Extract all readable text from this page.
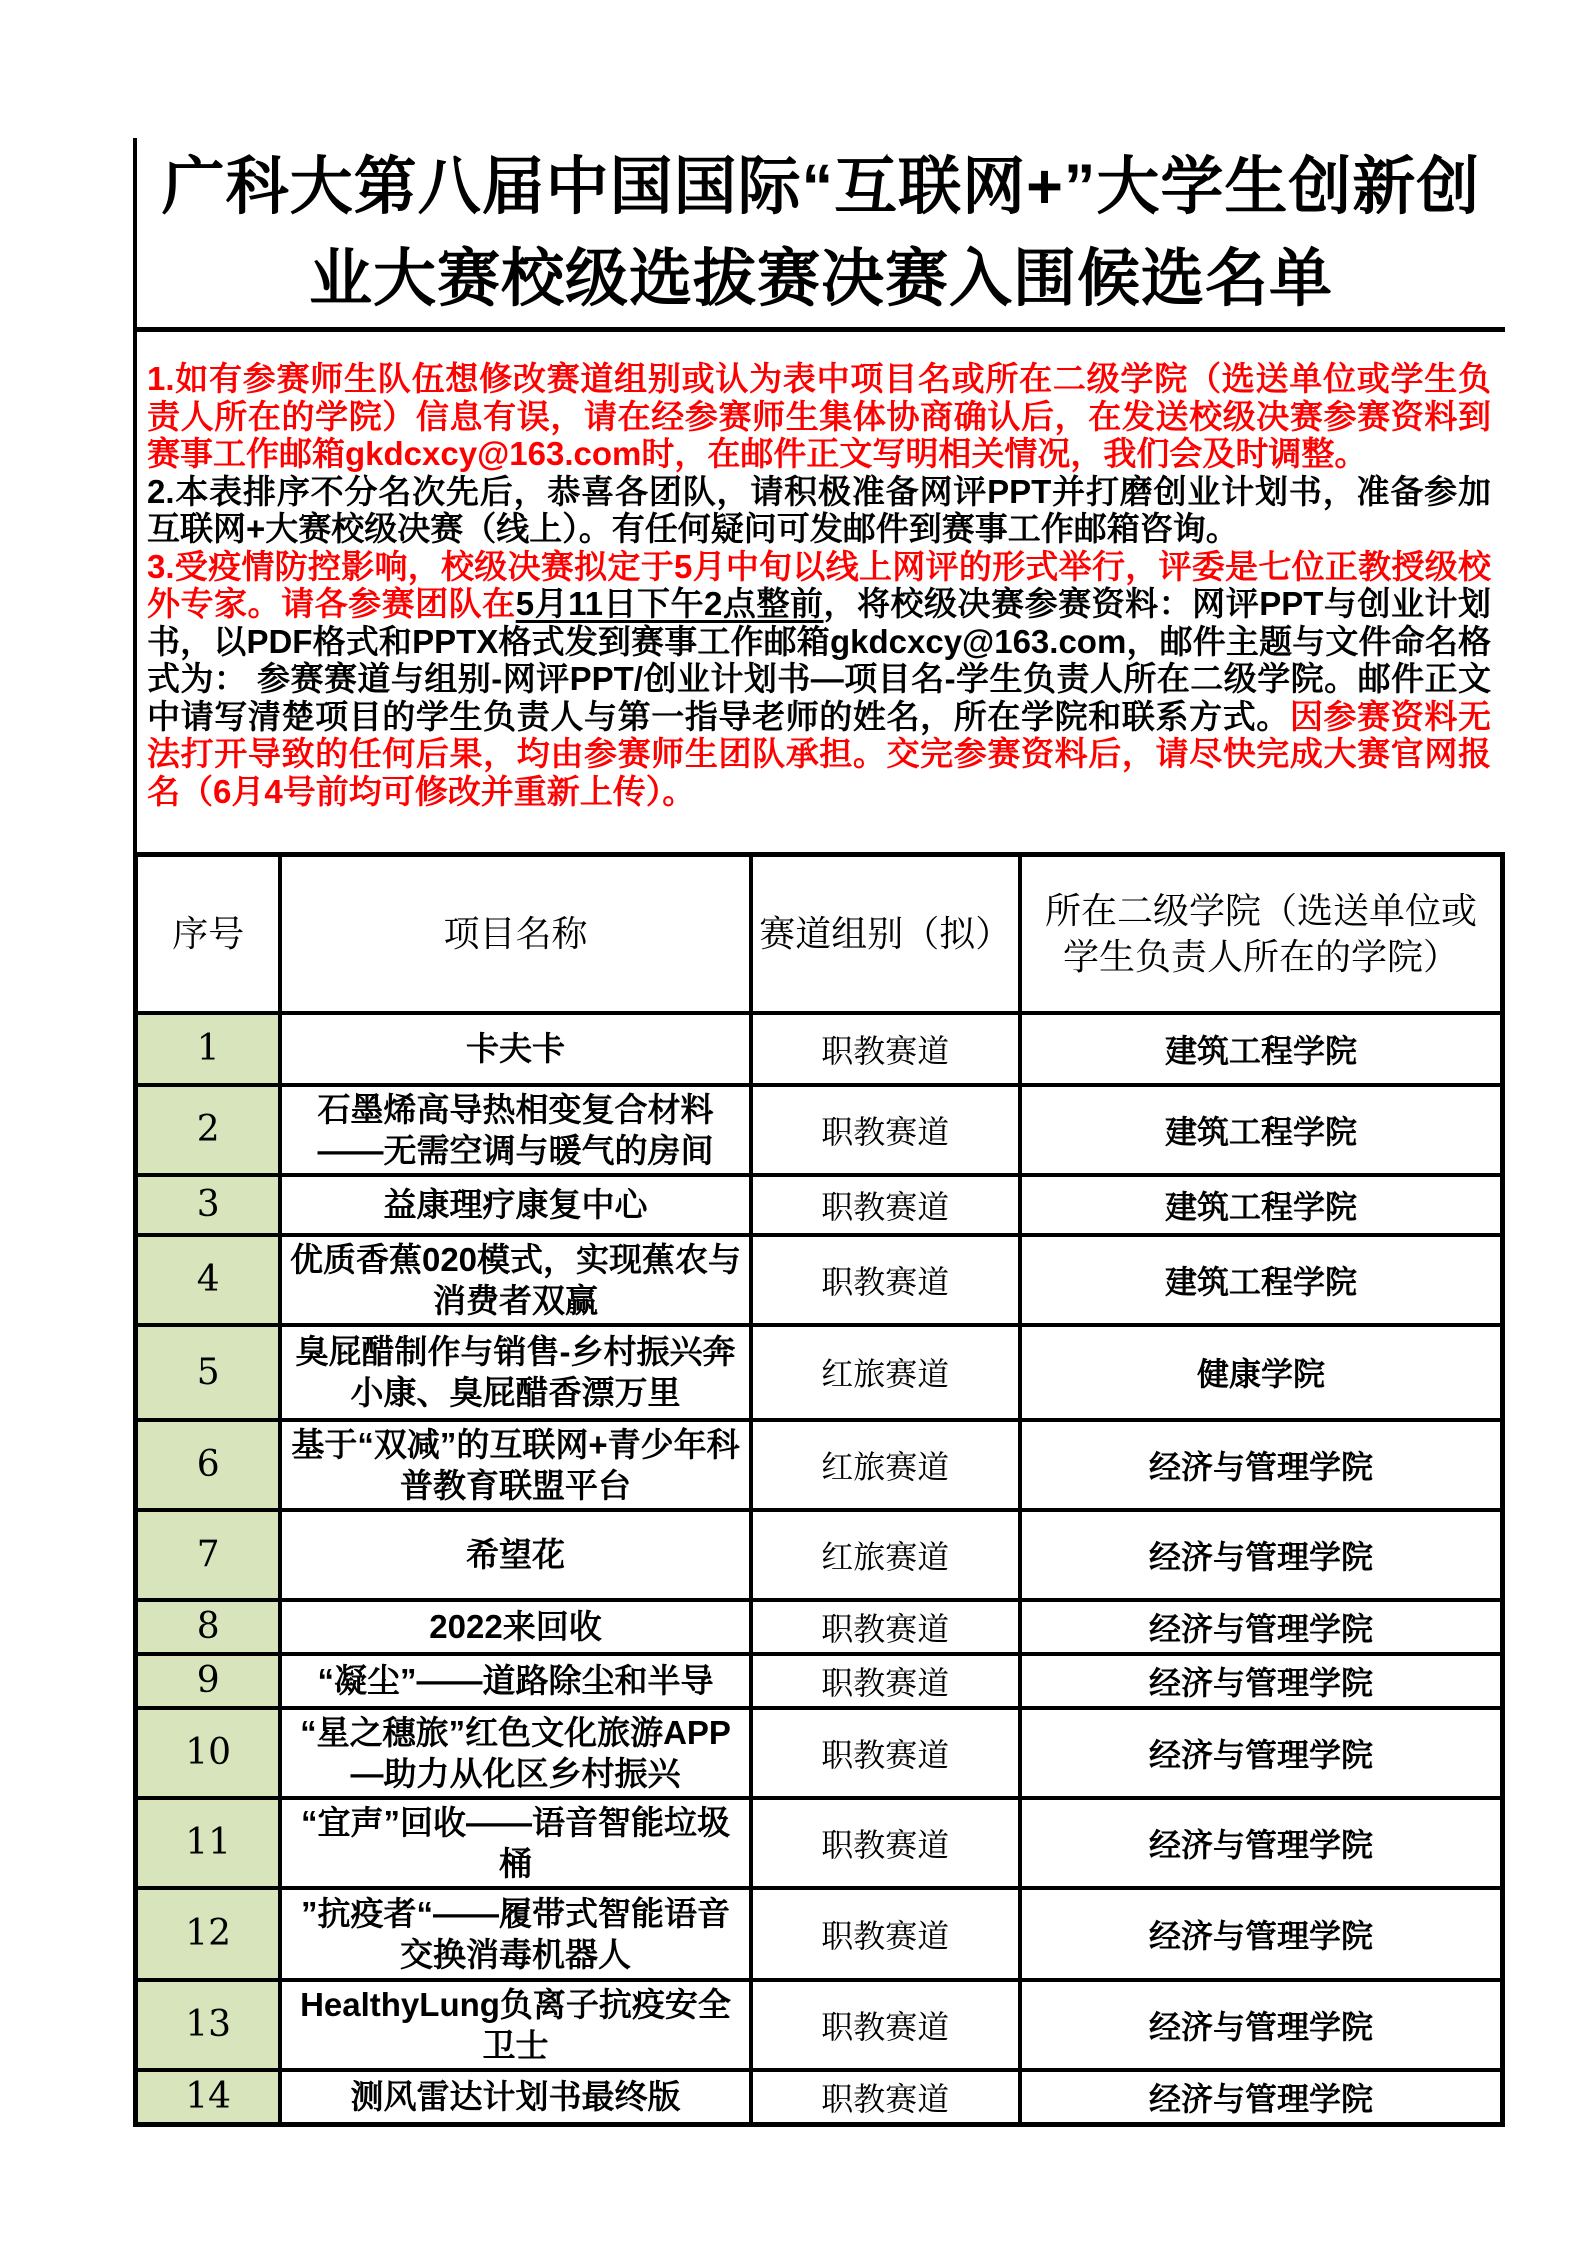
广科大第八届中国国际“互联网+”大学生创新创业大赛校级选拔赛决赛入围候选名单

1.如有参赛师生队伍想修改赛道组别或认为表中项目名或所在二级学院（选送单位或学生负责人所在的学院）信息有误，请在经参赛师生集体协商确认后，在发送校级决赛参赛资料到赛事工作邮箱gkdcxcy@163.com时，在邮件正文写明相关情况，我们会及时调整。

2.本表排序不分名次先后，恭喜各团队，请积极准备网评PPT并打磨创业计划书，准备参加互联网+大赛校级决赛（线上）。有任何疑问可发邮件到赛事工作邮箱咨询。

3.受疫情防控影响，校级决赛拟定于5月中旬以线上网评的形式举行，评委是七位正教授级校外专家。请各参赛团队在5月11日下午2点整前，将校级决赛参赛资料：网评PPT与创业计划书，以PDF格式和PPTX格式发到赛事工作邮箱gkdcxcy@163.com，邮件主题与文件命名格式为： 参赛赛道与组别-网评PPT/创业计划书—项目名-学生负责人所在二级学院。邮件正文中请写清楚项目的学生负责人与第一指导老师的姓名，所在学院和联系方式。因参赛资料无法打开导致的任何后果，均由参赛师生团队承担。交完参赛资料后，请尽快完成大赛官网报名（6月4号前均可修改并重新上传）。

序号	项目名称	赛道组别（拟）	所在二级学院（选送单位或学生负责人所在的学院）
1	卡夫卡	职教赛道	建筑工程学院
2	石墨烯高导热相变复合材料——无需空调与暖气的房间	职教赛道	建筑工程学院
3	益康理疗康复中心	职教赛道	建筑工程学院
4	优质香蕉020模式，实现蕉农与消费者双赢	职教赛道	建筑工程学院
5	臭屁醋制作与销售-乡村振兴奔小康、臭屁醋香漂万里	红旅赛道	健康学院
6	基于“双减”的互联网+青少年科普教育联盟平台	红旅赛道	经济与管理学院
7	希望花	红旅赛道	经济与管理学院
8	2022来回收	职教赛道	经济与管理学院
9	“凝尘”——道路除尘和半导	职教赛道	经济与管理学院
10	“星之穗旅”红色文化旅游APP—助力从化区乡村振兴	职教赛道	经济与管理学院
11	“宜声”回收——语音智能垃圾桶	职教赛道	经济与管理学院
12	”抗疫者“——履带式智能语音交换消毒机器人	职教赛道	经济与管理学院
13	HealthyLung负离子抗疫安全卫士	职教赛道	经济与管理学院
14	测风雷达计划书最终版	职教赛道	经济与管理学院
